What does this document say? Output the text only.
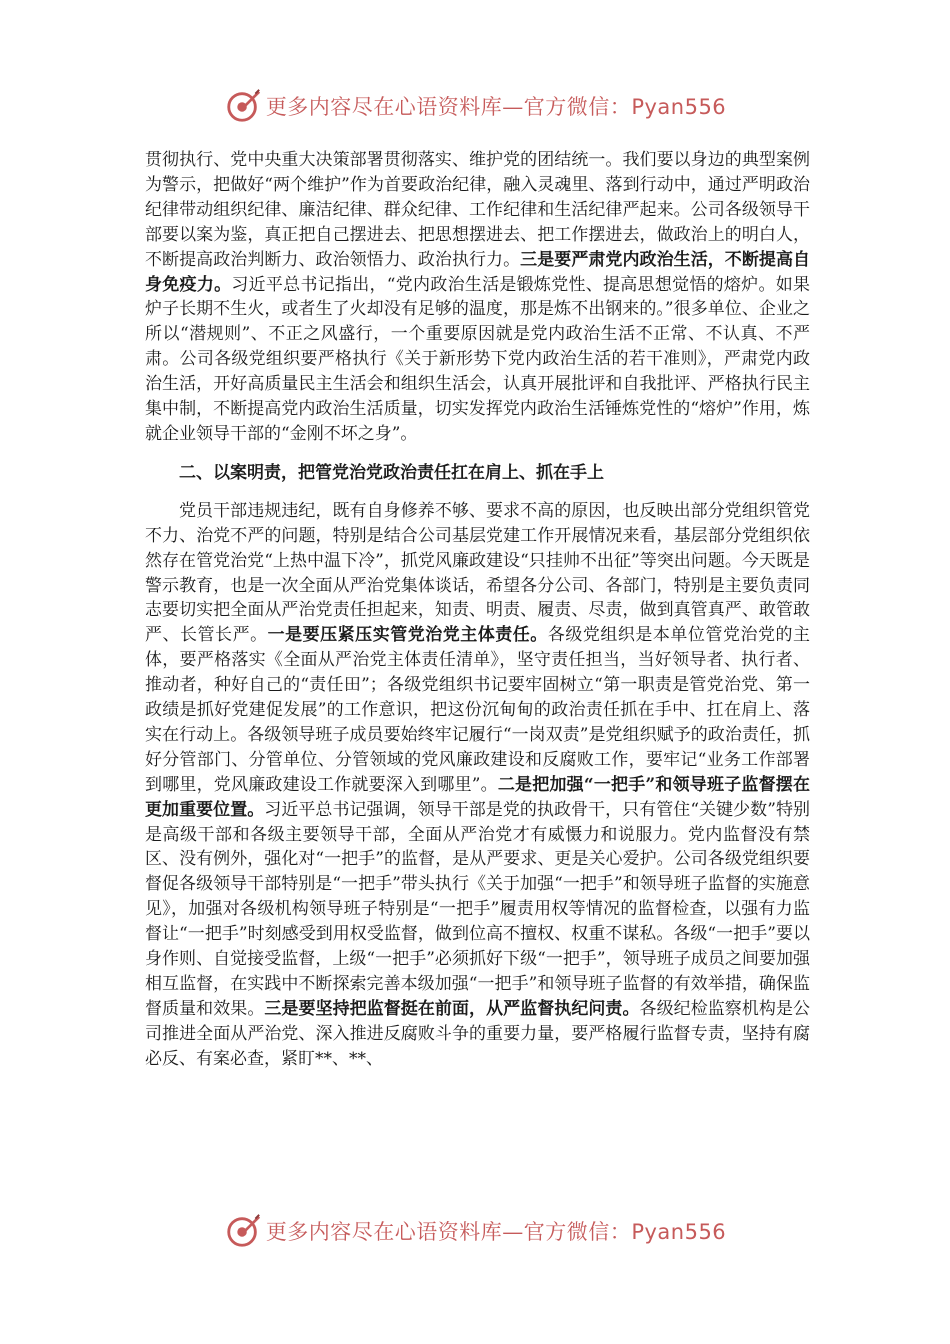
更多内容尽在心语资料库—官方微信：Pyan556

贯彻执行、党中央重大决策部署贯彻落实、维护党的团结统一。我们要以身边的典型案例为警示，把做好“两个维护”作为首要政治纪律，融入灵魂里、落到行动中，通过严明政治纪律带动组织纪律、廉洁纪律、群众纪律、工作纪律和生活纪律严起来。公司各级领导干部要以案为鉴，真正把自己摆进去、把思想摆进去、把工作摆进去，做政治上的明白人，不断提高政治判断力、政治领悟力、政治执行力。三是要严肃党内政治生活，不断提高自身免疫力。习近平总书记指出，“党内政治生活是锻炼党性、提高思想觉悟的熔炉。如果炉子长期不生火，或者生了火却没有足够的温度，那是炼不出钢来的。”很多单位、企业之所以“潜规则”、不正之风盛行，一个重要原因就是党内政治生活不正常、不认真、不严肃。公司各级党组织要严格执行《关于新形势下党内政治生活的若干准则》，严肃党内政治生活，开好高质量民主生活会和组织生活会，认真开展批评和自我批评、严格执行民主集中制，不断提高党内政治生活质量，切实发挥党内政治生活锤炼党性的“熔炉”作用，炼就企业领导干部的“金刚不坏之身”。

二、以案明责，把管党治党政治责任扛在肩上、抓在手上

党员干部违规违纪，既有自身修养不够、要求不高的原因，也反映出部分党组织管党不力、治党不严的问题，特别是结合公司基层党建工作开展情况来看，基层部分党组织依然存在管党治党“上热中温下冷”，抓党风廉政建设“只挂帅不出征”等突出问题。今天既是警示教育，也是一次全面从严治党集体谈话，希望各分公司、各部门，特别是主要负责同志要切实把全面从严治党责任担起来，知责、明责、履责、尽责，做到真管真严、敢管敢严、长管长严。一是要压紧压实管党治党主体责任。各级党组织是本单位管党治党的主体，要严格落实《全面从严治党主体责任清单》，坚守责任担当，当好领导者、执行者、推动者，种好自己的“责任田”；各级党组织书记要牢固树立“第一职责是管党治党、第一政绩是抓好党建促发展”的工作意识，把这份沉甸甸的政治责任抓在手中、扛在肩上、落实在行动上。各级领导班子成员要始终牢记履行“一岗双责”是党组织赋予的政治责任，抓好分管部门、分管单位、分管领域的党风廉政建设和反腐败工作，要牢记“业务工作部署到哪里，党风廉政建设工作就要深入到哪里”。二是把加强“一把手”和领导班子监督摆在更加重要位置。习近平总书记强调，领导干部是党的执政骨干，只有管住“关键少数”特别是高级干部和各级主要领导干部，全面从严治党才有威慑力和说服力。党内监督没有禁区、没有例外，强化对“一把手”的监督，是从严要求、更是关心爱护。公司各级党组织要督促各级领导干部特别是“一把手”带头执行《关于加强“一把手”和领导班子监督的实施意见》，加强对各级机构领导班子特别是“一把手”履责用权等情况的监督检查，以强有力监督让“一把手”时刻感受到用权受监督，做到位高不擅权、权重不谋私。各级“一把手”要以身作则、自觉接受监督，上级“一把手”必须抓好下级“一把手”，领导班子成员之间要加强相互监督，在实践中不断探索完善本级加强“一把手”和领导班子监督的有效举措，确保监督质量和效果。三是要坚持把监督挺在前面，从严监督执纪问责。各级纪检监察机构是公司推进全面从严治党、深入推进反腐败斗争的重要力量，要严格履行监督专责，坚持有腐必反、有案必查，紧盯**、**、

更多内容尽在心语资料库—官方微信：Pyan556
